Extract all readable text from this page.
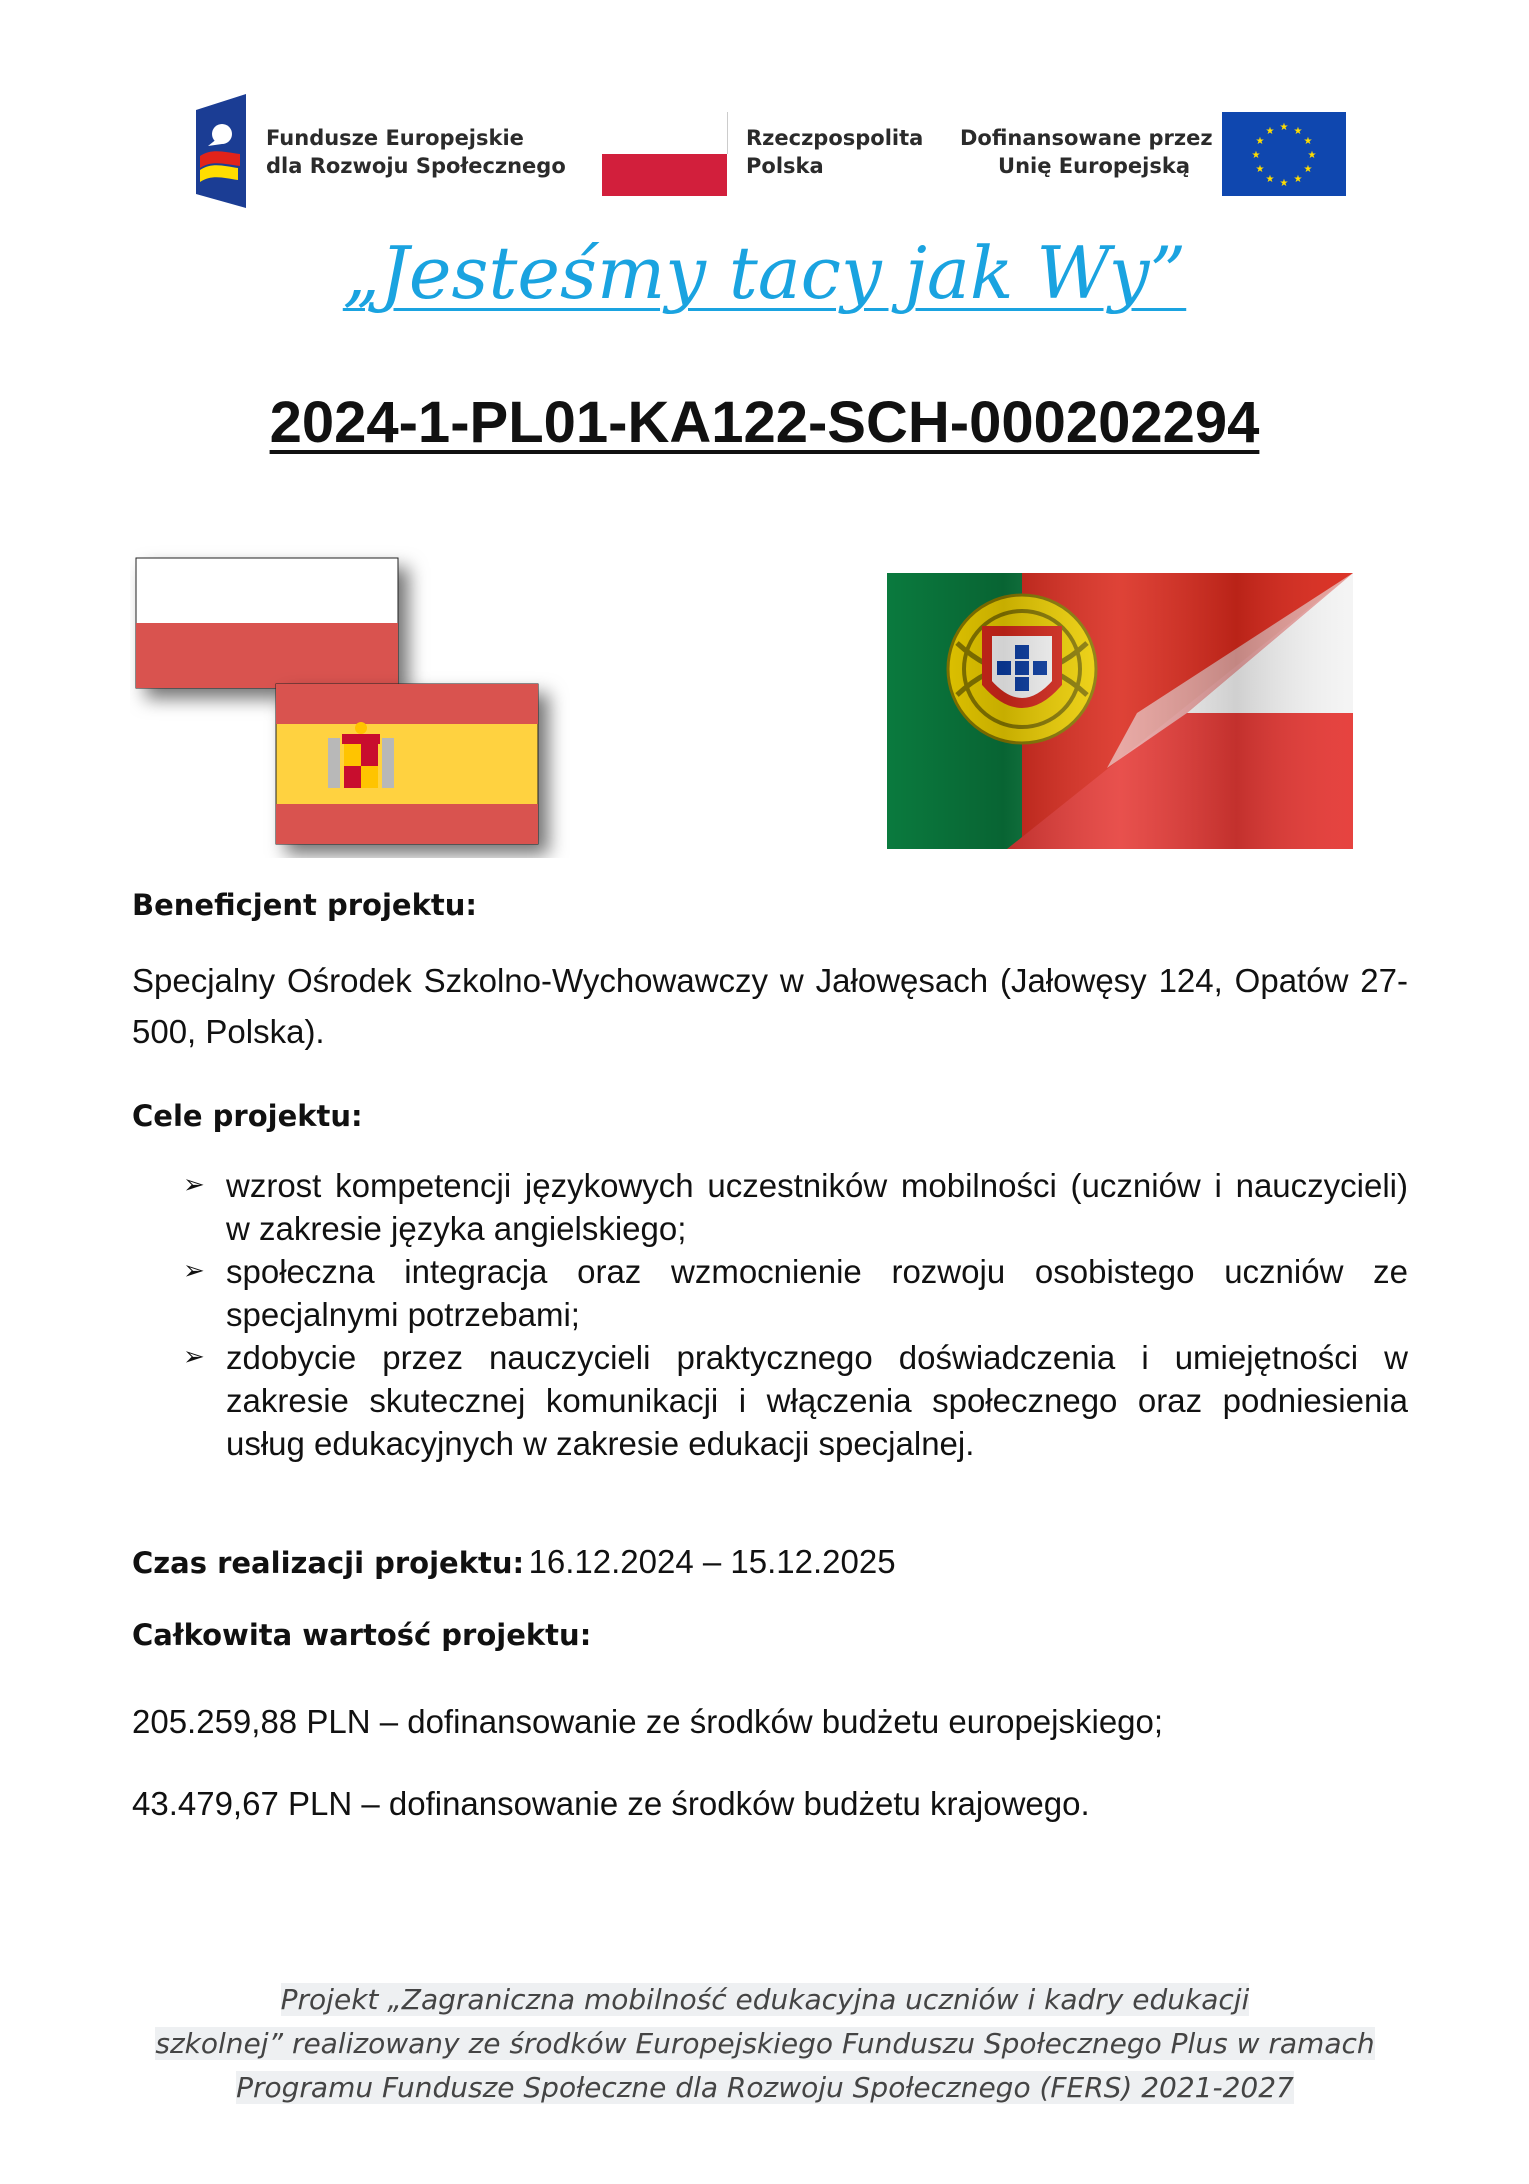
Fundusze Europejskie
dla Rozwoju Społecznego
Rzeczpospolita
Polska
Dofinansowane przez
Unię Europejską
★ ★
★
★
★
★
★
★
★
★
★
★
„Jesteśmy tacy jak Wy”
2024-1-PL01-KA122-SCH-000202294
Beneficjent projektu:
Specjalny Ośrodek Szkolno-Wychowawczy w Jałowęsach (Jałowęsy 124, Opatów 27-500, Polska).
Cele projektu:
➢ wzrost kompetencji językowych uczestników mobilności (uczniów i nauczycieli) w zakresie języka angielskiego;
➢ społeczna integracja oraz wzmocnienie rozwoju osobistego uczniów ze specjalnymi potrzebami;
➢ zdobycie przez nauczycieli praktycznego doświadczenia i umiejętności w zakresie skutecznej komunikacji i włączenia społecznego oraz podniesienia usług edukacyjnych w zakresie edukacji specjalnej.
Czas realizacji projektu: 16.12.2024 – 15.12.2025
Całkowita wartość projektu:
205.259,88 PLN – dofinansowanie ze środków budżetu europejskiego;
43.479,67 PLN – dofinansowanie ze środków budżetu krajowego.
Projekt „Zagraniczna mobilność edukacyjna uczniów i kadry edukacji
szkolnej” realizowany ze środków Europejskiego Funduszu Społecznego Plus w ramach
Programu Fundusze Społeczne dla Rozwoju Społecznego (FERS) 2021-2027
